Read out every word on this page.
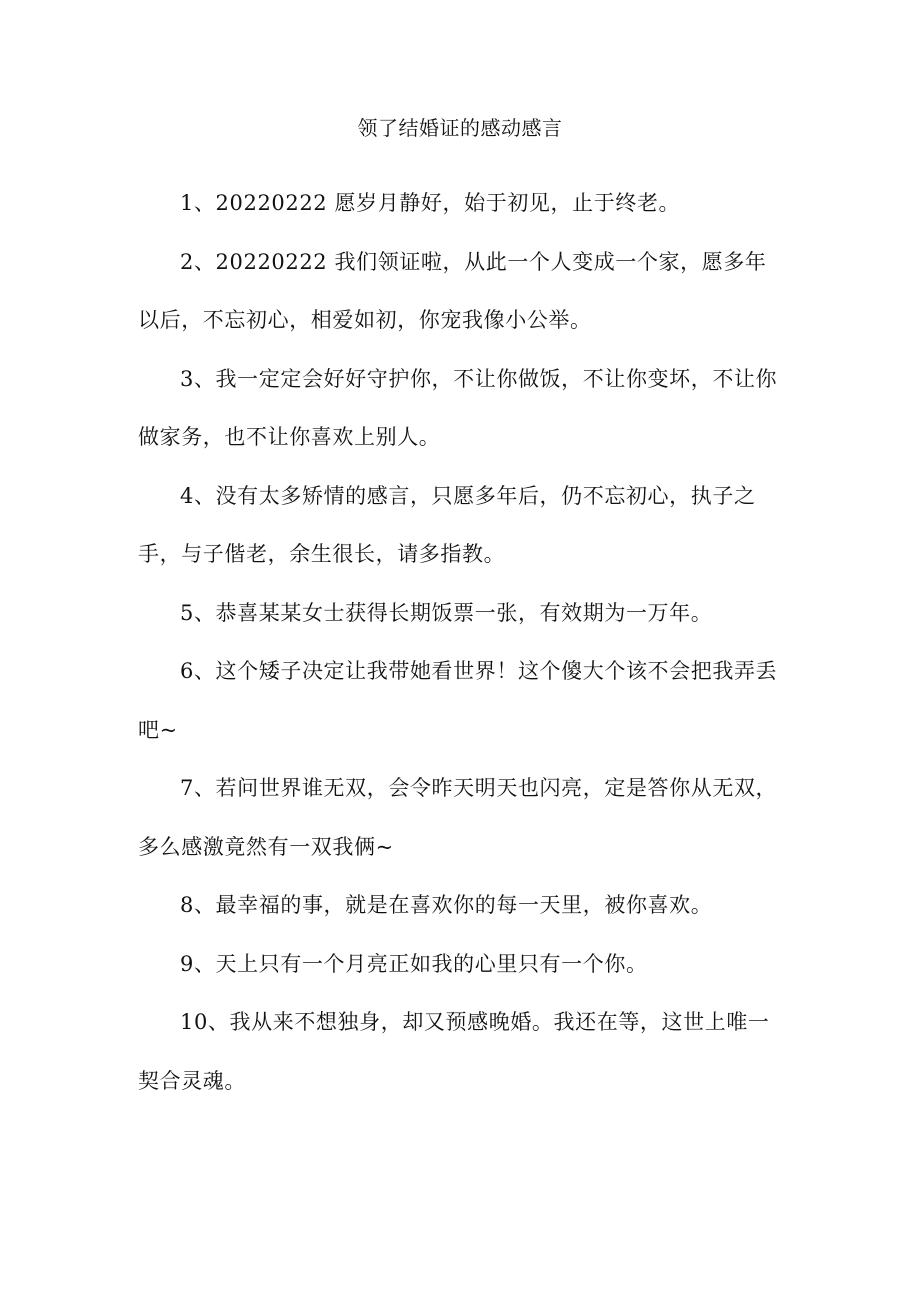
领了结婚证的感动感言

1、20220222 愿岁月静好，始于初见，止于终老。

2、20220222 我们领证啦，从此一个人变成一个家，愿多年以后，不忘初心，相爱如初，你宠我像小公举。

3、我一定定会好好守护你，不让你做饭，不让你变坏，不让你做家务，也不让你喜欢上别人。

4、没有太多矫情的感言，只愿多年后，仍不忘初心，执子之手，与子偕老，余生很长，请多指教。

5、恭喜某某女士获得长期饭票一张，有效期为一万年。

6、这个矮子决定让我带她看世界！这个傻大个该不会把我弄丢吧~

7、若问世界谁无双，会令昨天明天也闪亮，定是答你从无双，多么感激竟然有一双我俩~

8、最幸福的事，就是在喜欢你的每一天里，被你喜欢。

9、天上只有一个月亮正如我的心里只有一个你。

10、我从来不想独身，却又预感晚婚。我还在等，这世上唯一契合灵魂。
